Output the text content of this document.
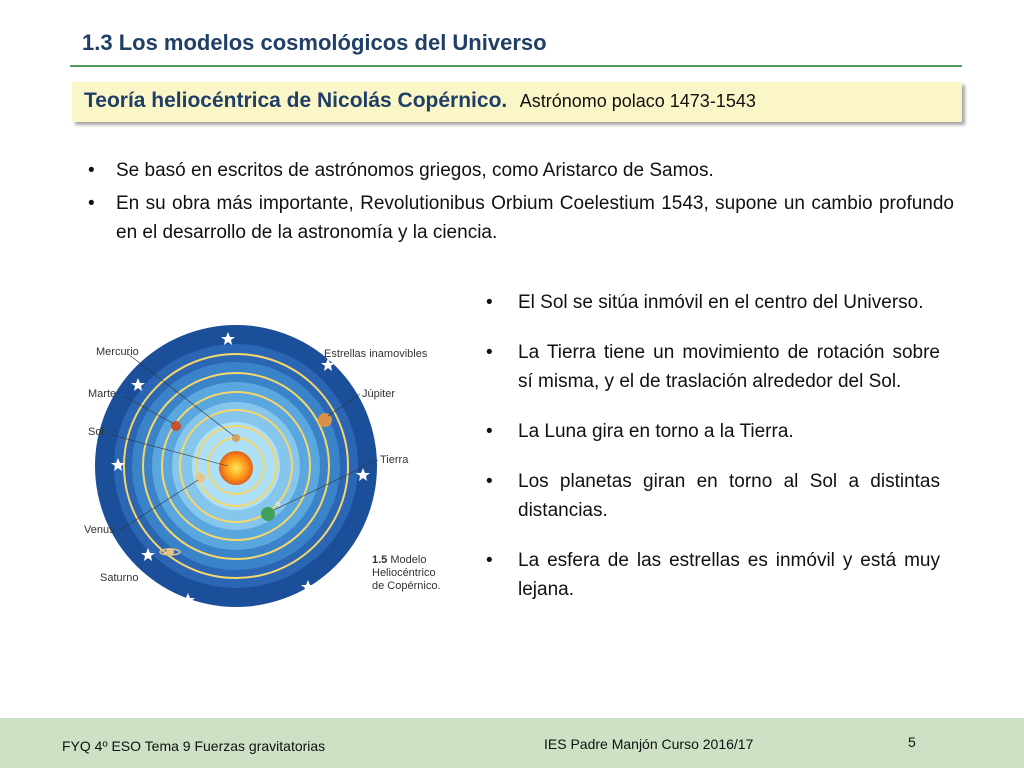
1.3 Los modelos cosmológicos del Universo
Teoría heliocéntrica de Nicolás Copérnico. Astrónomo polaco 1473-1543
• Se basó en escritos de astrónomos griegos, como Aristarco de Samos.
• En su obra más importante, Revolutionibus Orbium Coelestium 1543, supone un cambio profundo en el desarrollo de la astronomía y la ciencia.
Mercurio	Estrellas inamovibles
Marte	Júpiter
Sol
Tierra
Venus
Saturno
1.5 Modelo
Heliocéntrico
de Copérnico.
• El Sol se sitúa inmóvil en el centro del Universo.
• La Tierra tiene un movimiento de rotación sobre sí misma, y el de traslación alrededor del Sol.
• La Luna gira en torno a la Tierra.
• Los planetas giran en torno al Sol a distintas distancias.
• La esfera de las estrellas es inmóvil y está muy lejana.
FYQ 4º ESO Tema 9 Fuerzas gravitatorias	IES Padre Manjón Curso 2016/17	5
